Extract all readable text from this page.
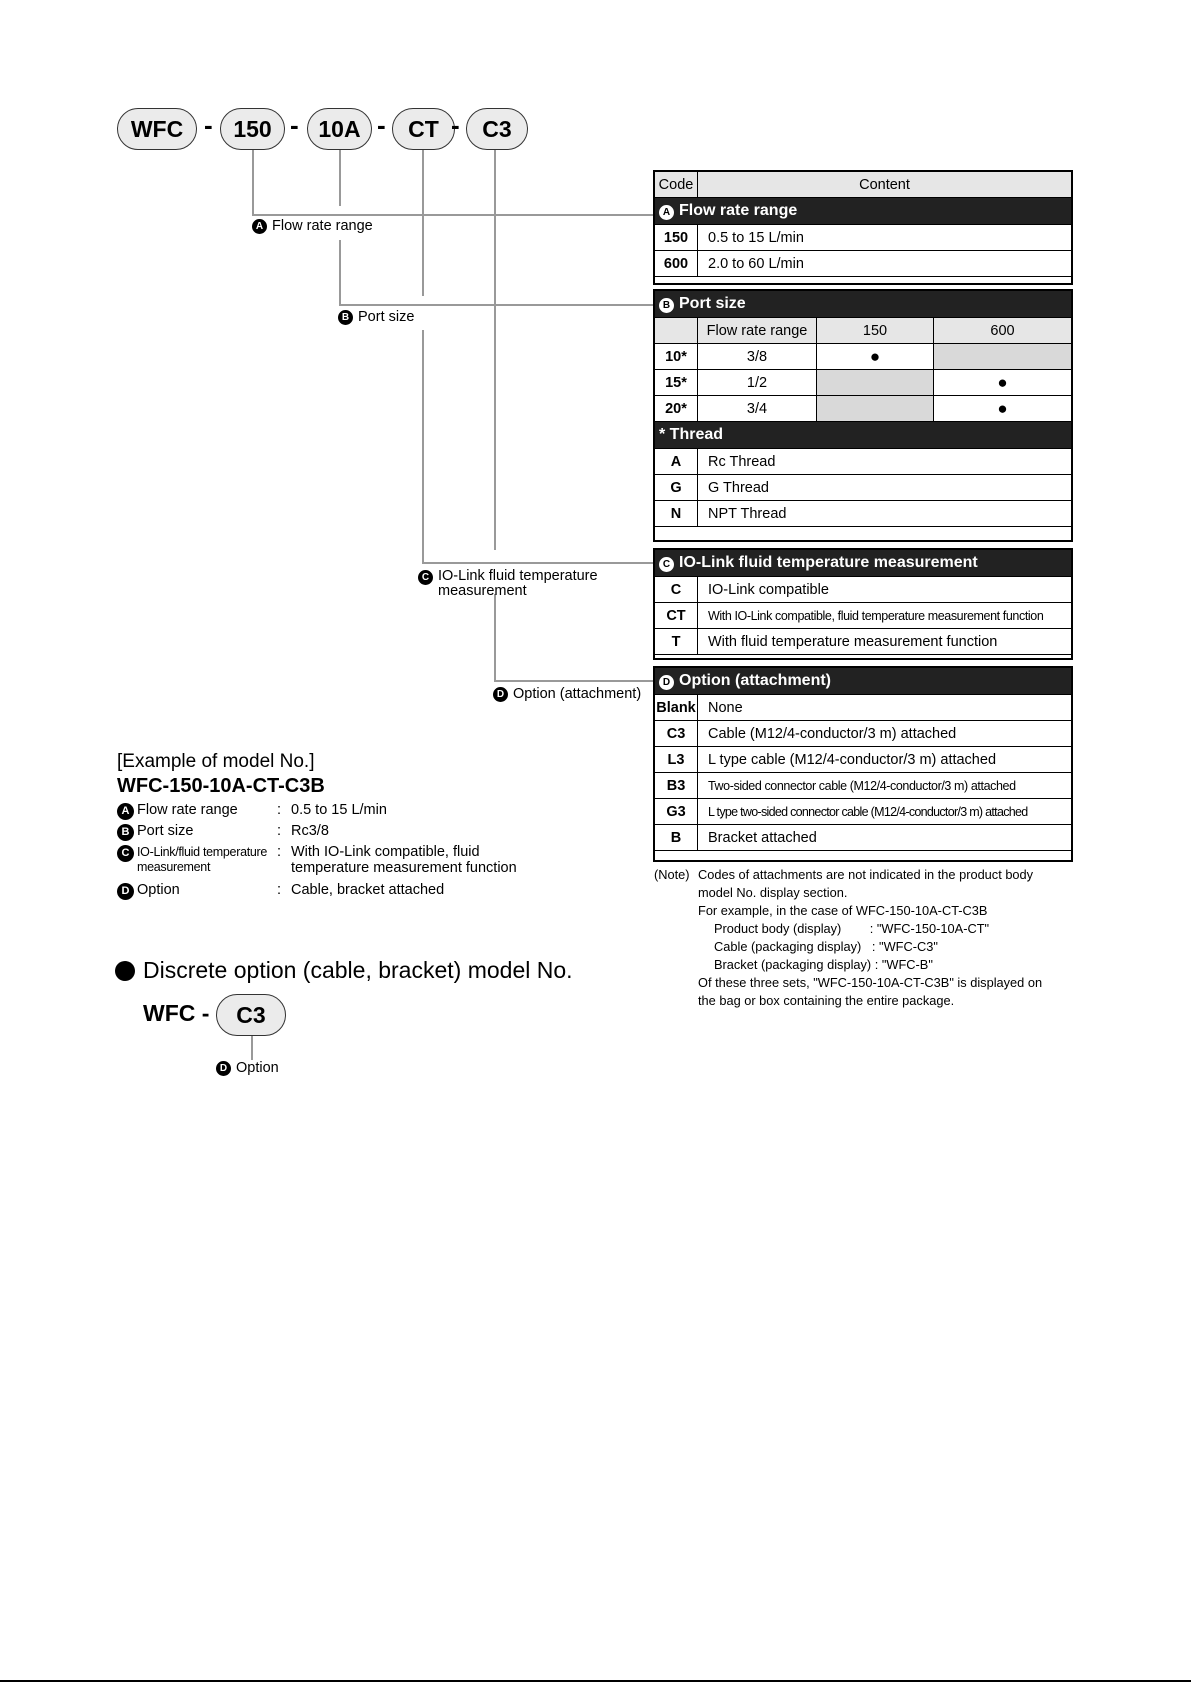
WFC - 150 - 10A - CT - C3
A Flow rate range
B Port size
C IO-Link fluid temperature
measurement
D Option (attachment)
Code	Content
A Flow rate range	
150	0.5 to 15 L/min
600	2.0 to 60 L/min
B Port size			
	Flow rate range	150	600
10*	3/8	●	
15*	1/2		●
20*	3/4		●
* Thread			
A	Rc Thread		
G	G Thread		
N	NPT Thread		
C IO-Link fluid temperature measurement	
C	IO-Link compatible
CT	With IO-Link compatible, fluid temperature measurement function
T	With fluid temperature measurement function
D Option (attachment)	
Blank	None
C3	Cable (M12/4-conductor/3 m) attached
L3	L type cable (M12/4-conductor/3 m) attached
B3	Two-sided connector cable (M12/4-conductor/3 m) attached
G3	L type two-sided connector cable (M12/4-conductor/3 m) attached
B	Bracket attached
(Note) Codes of attachments are not indicated in the product body
model No. display section.
For example, in the case of WFC-150-10A-CT-C3B
Product body (display)        : "WFC-150-10A-CT"
Cable (packaging display)   : "WFC-C3"
Bracket (packaging display) : "WFC-B"
Of these three sets, "WFC-150-10A-CT-C3B" is displayed on
the bag or box containing the entire package.
[Example of model No.]
WFC-150-10A-CT-C3B
A Flow rate range	: 0.5 to 15 L/min
B Port size	: Rc3/8
C IO-Link/fluid temperature
measurement
: With IO-Link compatible, fluid
temperature measurement function
D Option	: Cable, bracket attached
Discrete option (cable, bracket) model No.
WFC -	C3
D Option
